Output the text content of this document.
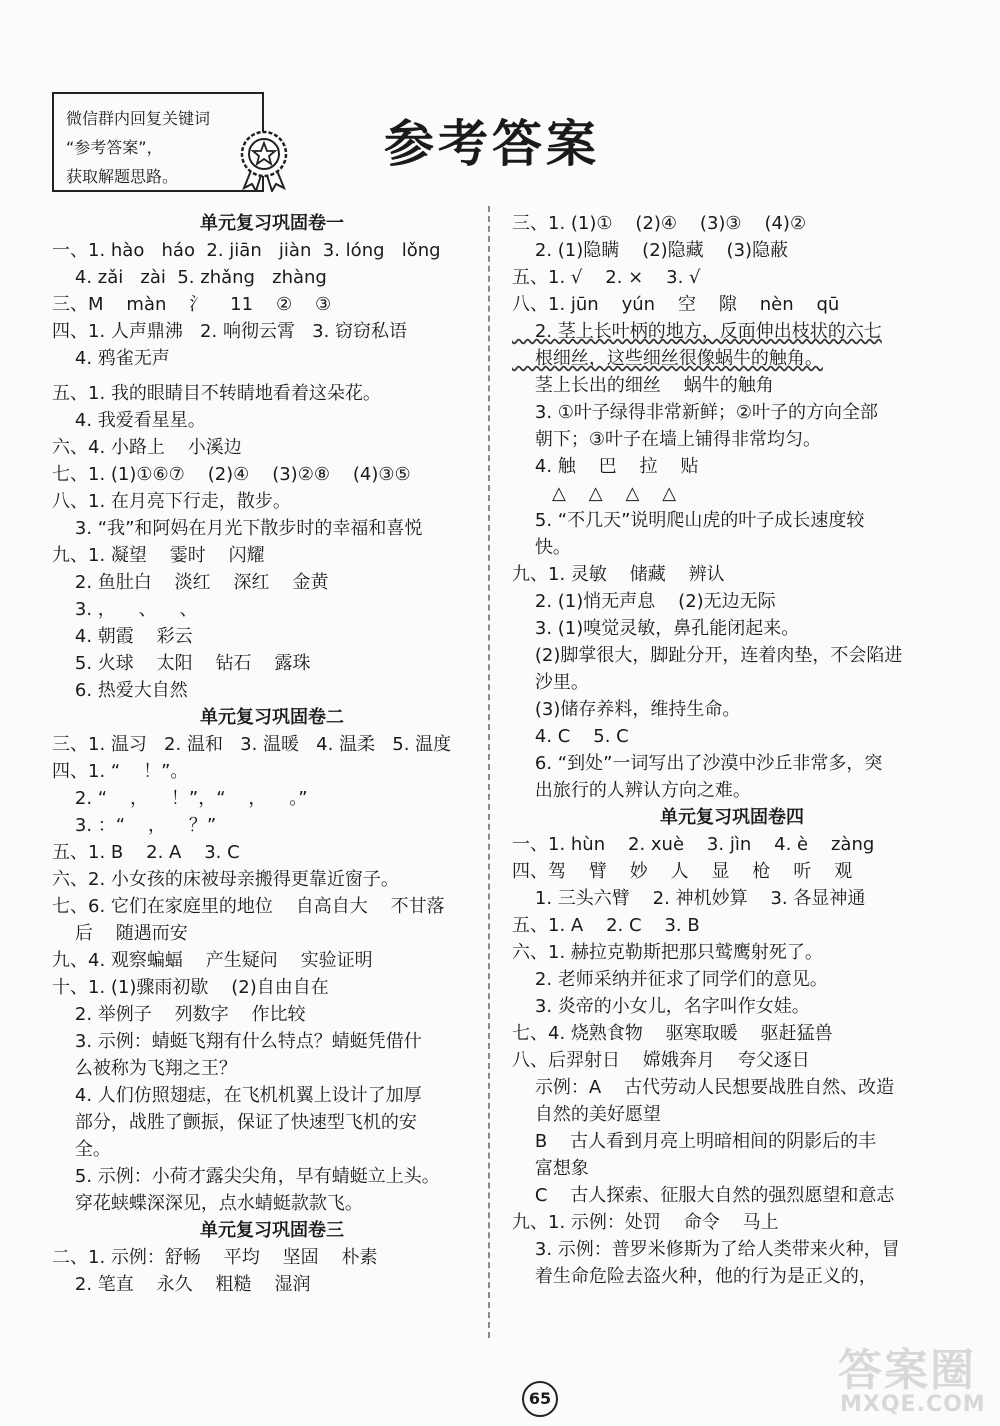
微信群内回复关键词
“参考答案”，
获取解题思路。
参考答案
单元复习巩固卷一
一、1. hào   háo  2. jiān   jiàn  3. lóng   lǒng
4. zǎi   zài  5. zhǎng   zhàng
三、M    màn    氵    11    ②    ③
四、1. 人声鼎沸   2. 响彻云霄   3. 窃窃私语
4. 鸦雀无声
五、1. 我的眼睛目不转睛地看着这朵花。
4. 我爱看星星。
六、4. 小路上    小溪边
七、1. (1)①⑥⑦    (2)④    (3)②⑧    (4)③⑤
八、1. 在月亮下行走，散步。
3. “我”和阿妈在月光下散步时的幸福和喜悦
九、1. 凝望    霎时    闪耀
2. 鱼肚白    淡红    深红    金黄
3. ，    、    、
4. 朝霞    彩云
5. 火球    太阳    钻石    露珠
6. 热爱大自然
单元复习巩固卷二
三、1. 温习   2. 温和   3. 温暖   4. 温柔   5. 温度
四、1. “    ！”。
2. “    ，    ！”，“    ，    。”
3. ：“    ，    ？”
五、1. B    2. A    3. C
六、2. 小女孩的床被母亲搬得更靠近窗子。
七、6. 它们在家庭里的地位    自高自大    不甘落
后    随遇而安
九、4. 观察蝙蝠    产生疑问    实验证明
十、1. (1)骤雨初歇    (2)自由自在
2. 举例子    列数字    作比较
3. 示例：蜻蜓飞翔有什么特点？蜻蜓凭借什
么被称为飞翔之王？
4. 人们仿照翅痣，在飞机机翼上设计了加厚
部分，战胜了颤振，保证了快速型飞机的安
全。
5. 示例：小荷才露尖尖角，早有蜻蜓立上头。
穿花蛱蝶深深见，点水蜻蜓款款飞。
单元复习巩固卷三
二、1. 示例：舒畅    平均    坚固    朴素
2. 笔直    永久    粗糙    湿润
三、1. (1)①    (2)④    (3)③    (4)②
2. (1)隐瞒    (2)隐藏    (3)隐蔽
五、1. √    2. ×    3. √
八、1. jūn    yún    空    隙    nèn    qū
2. 茎上长叶柄的地方，反面伸出枝状的六七
根细丝，这些细丝很像蜗牛的触角。
茎上长出的细丝    蜗牛的触角
3. ①叶子绿得非常新鲜；②叶子的方向全部
朝下；③叶子在墙上铺得非常均匀。
4. 触    巴    拉    贴
△    △    △    △
5. “不几天”说明爬山虎的叶子成长速度较
快。
九、1. 灵敏    储藏    辨认
2. (1)悄无声息    (2)无边无际
3. (1)嗅觉灵敏，鼻孔能闭起来。
(2)脚掌很大，脚趾分开，连着肉垫，不会陷进
沙里。
(3)储存养料，维持生命。
4. C    5. C
6. “到处”一词写出了沙漠中沙丘非常多，突
出旅行的人辨认方向之难。
单元复习巩固卷四
一、1. hùn    2. xuè    3. jìn    4. è    zàng
四、驾    臂    妙    人    显    枪    听    观
1. 三头六臂    2. 神机妙算    3. 各显神通
五、1. A    2. C    3. B
六、1. 赫拉克勒斯把那只鹫鹰射死了。
2. 老师采纳并征求了同学们的意见。
3. 炎帝的小女儿，名字叫作女娃。
七、4. 烧熟食物    驱寒取暖    驱赶猛兽
八、后羿射日    嫦娥奔月    夸父逐日
示例：A    古代劳动人民想要战胜自然、改造
自然的美好愿望
B    古人看到月亮上明暗相间的阴影后的丰
富想象
C    古人探索、征服大自然的强烈愿望和意志
九、1. 示例：处罚    命令    马上
3. 示例：普罗米修斯为了给人类带来火种，冒
着生命危险去盗火种，他的行为是正义的，
65
答案圈
MXQE.COM
